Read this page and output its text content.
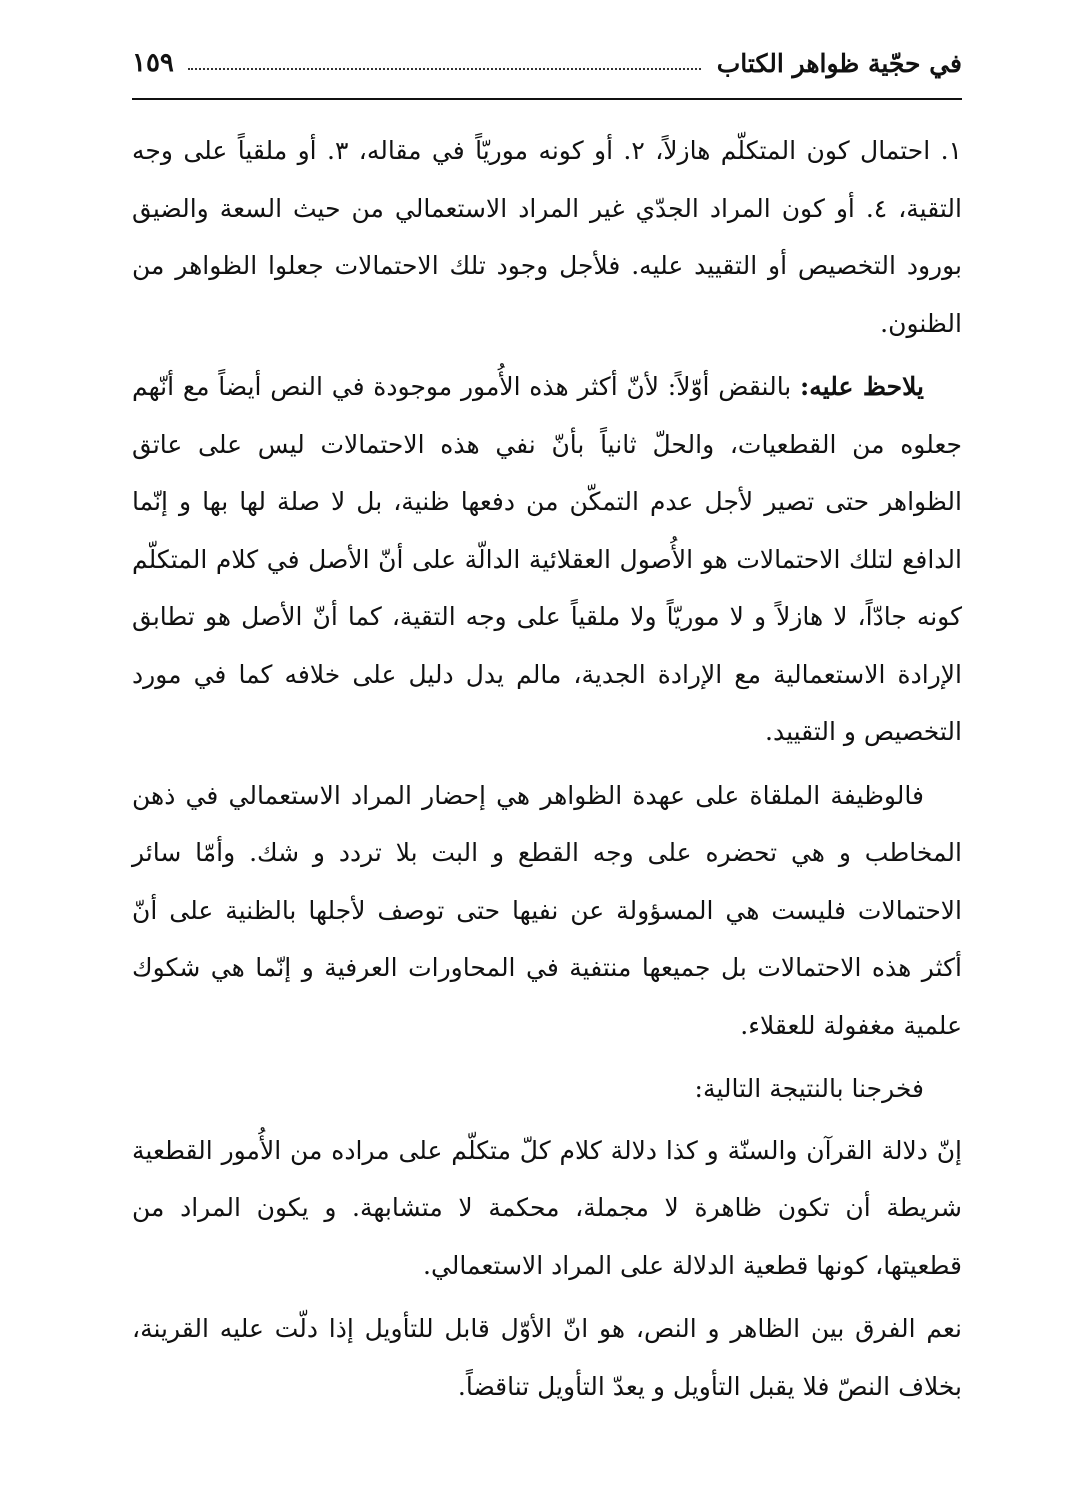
في حجّية ظواهر الكتاب
١٥٩

١. احتمال كون المتكلّم هازلاً، ٢. أو كونه موريّاً في مقاله، ٣. أو ملقياً على وجه التقية، ٤. أو كون المراد الجدّي غير المراد الاستعمالي من حيث السعة والضيق بورود التخصيص أو التقييد عليه. فلأجل وجود تلك الاحتمالات جعلوا الظواهر من الظنون.

يلاحظ عليه: بالنقض أوّلاً: لأنّ أكثر هذه الأُمور موجودة في النص أيضاً مع أنّهم جعلوه من القطعيات، والحلّ ثانياً بأنّ نفي هذه الاحتمالات ليس على عاتق الظواهر حتى تصير لأجل عدم التمكّن من دفعها ظنية، بل لا صلة لها بها و إنّما الدافع لتلك الاحتمالات هو الأُصول العقلائية الدالّة على أنّ الأصل في كلام المتكلّم كونه جادّاً، لا هازلاً و لا موريّاً ولا ملقياً على وجه التقية، كما أنّ الأصل هو تطابق الإرادة الاستعمالية مع الإرادة الجدية، مالم يدل دليل على خلافه كما في مورد التخصيص و التقييد.

فالوظيفة الملقاة على عهدة الظواهر هي إحضار المراد الاستعمالي في ذهن المخاطب و هي تحضره على وجه القطع و البت بلا تردد و شك. وأمّا سائر الاحتمالات فليست هي المسؤولة عن نفيها حتى توصف لأجلها بالظنية على أنّ أكثر هذه الاحتمالات بل جميعها منتفية في المحاورات العرفية و إنّما هي شكوك علمية مغفولة للعقلاء.

فخرجنا بالنتيجة التالية:

إنّ دلالة القرآن والسنّة و كذا دلالة كلام كلّ متكلّم على مراده من الأُمور القطعية شريطة أن تكون ظاهرة لا مجملة، محكمة لا متشابهة. و يكون المراد من قطعيتها، كونها قطعية الدلالة على المراد الاستعمالي.

نعم الفرق بين الظاهر و النص، هو انّ الأوّل قابل للتأويل إذا دلّت عليه القرينة، بخلاف النصّ فلا يقبل التأويل و يعدّ التأويل تناقضاً.
